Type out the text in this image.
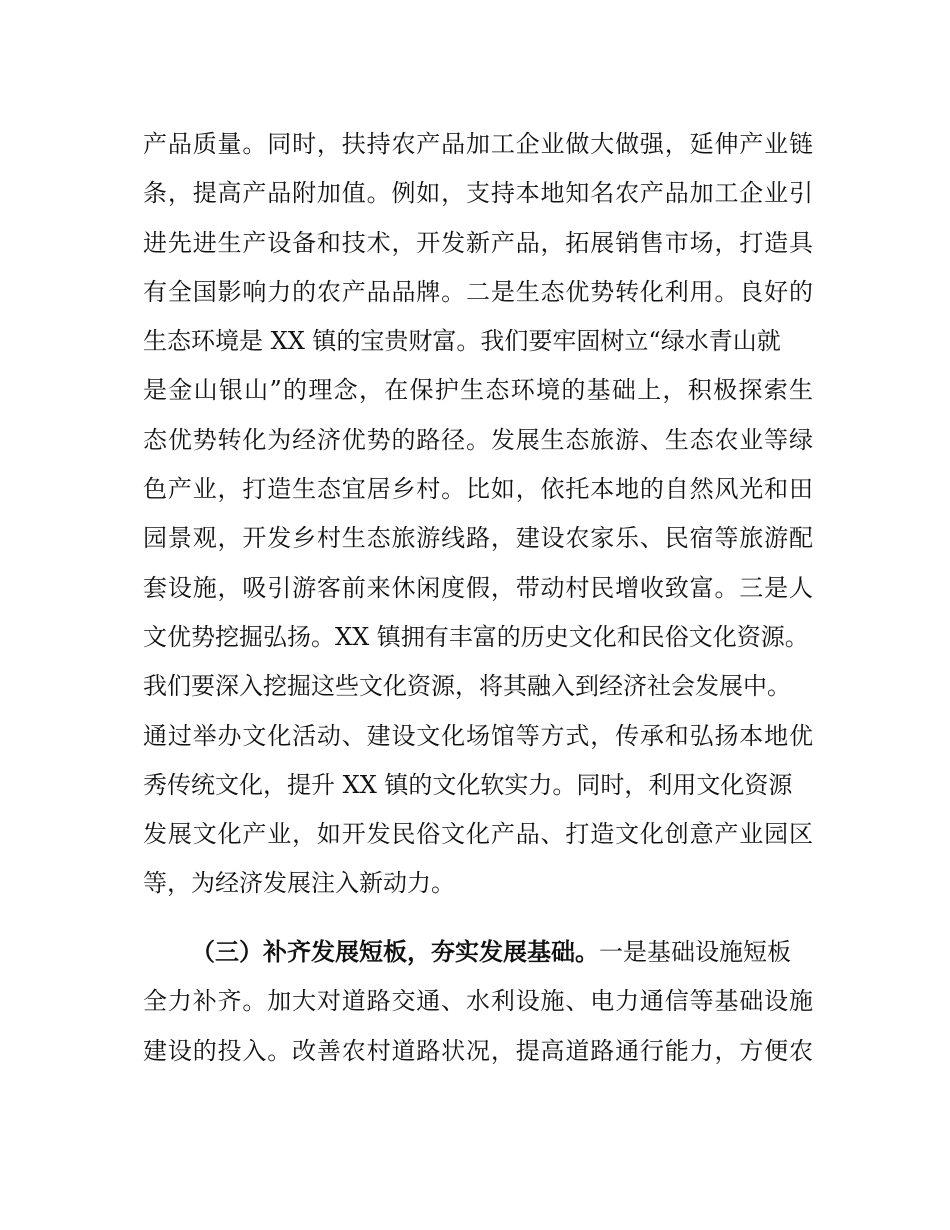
产品质量。同时，扶持农产品加工企业做大做强，延伸产业链
条，提高产品附加值。例如，支持本地知名农产品加工企业引
进先进生产设备和技术，开发新产品，拓展销售市场，打造具
有全国影响力的农产品品牌。二是生态优势转化利用。良好的
生态环境是 XX 镇的宝贵财富。我们要牢固树立“绿水青山就
是金山银山”的理念，在保护生态环境的基础上，积极探索生
态优势转化为经济优势的路径。发展生态旅游、生态农业等绿
色产业，打造生态宜居乡村。比如，依托本地的自然风光和田
园景观，开发乡村生态旅游线路，建设农家乐、民宿等旅游配
套设施，吸引游客前来休闲度假，带动村民增收致富。三是人
文优势挖掘弘扬。XX 镇拥有丰富的历史文化和民俗文化资源。
我们要深入挖掘这些文化资源，将其融入到经济社会发展中。
通过举办文化活动、建设文化场馆等方式，传承和弘扬本地优
秀传统文化，提升 XX 镇的文化软实力。同时，利用文化资源
发展文化产业，如开发民俗文化产品、打造文化创意产业园区
等，为经济发展注入新动力。
（三）补齐发展短板，夯实发展基础。一是基础设施短板
全力补齐。加大对道路交通、水利设施、电力通信等基础设施
建设的投入。改善农村道路状况，提高道路通行能力，方便农
